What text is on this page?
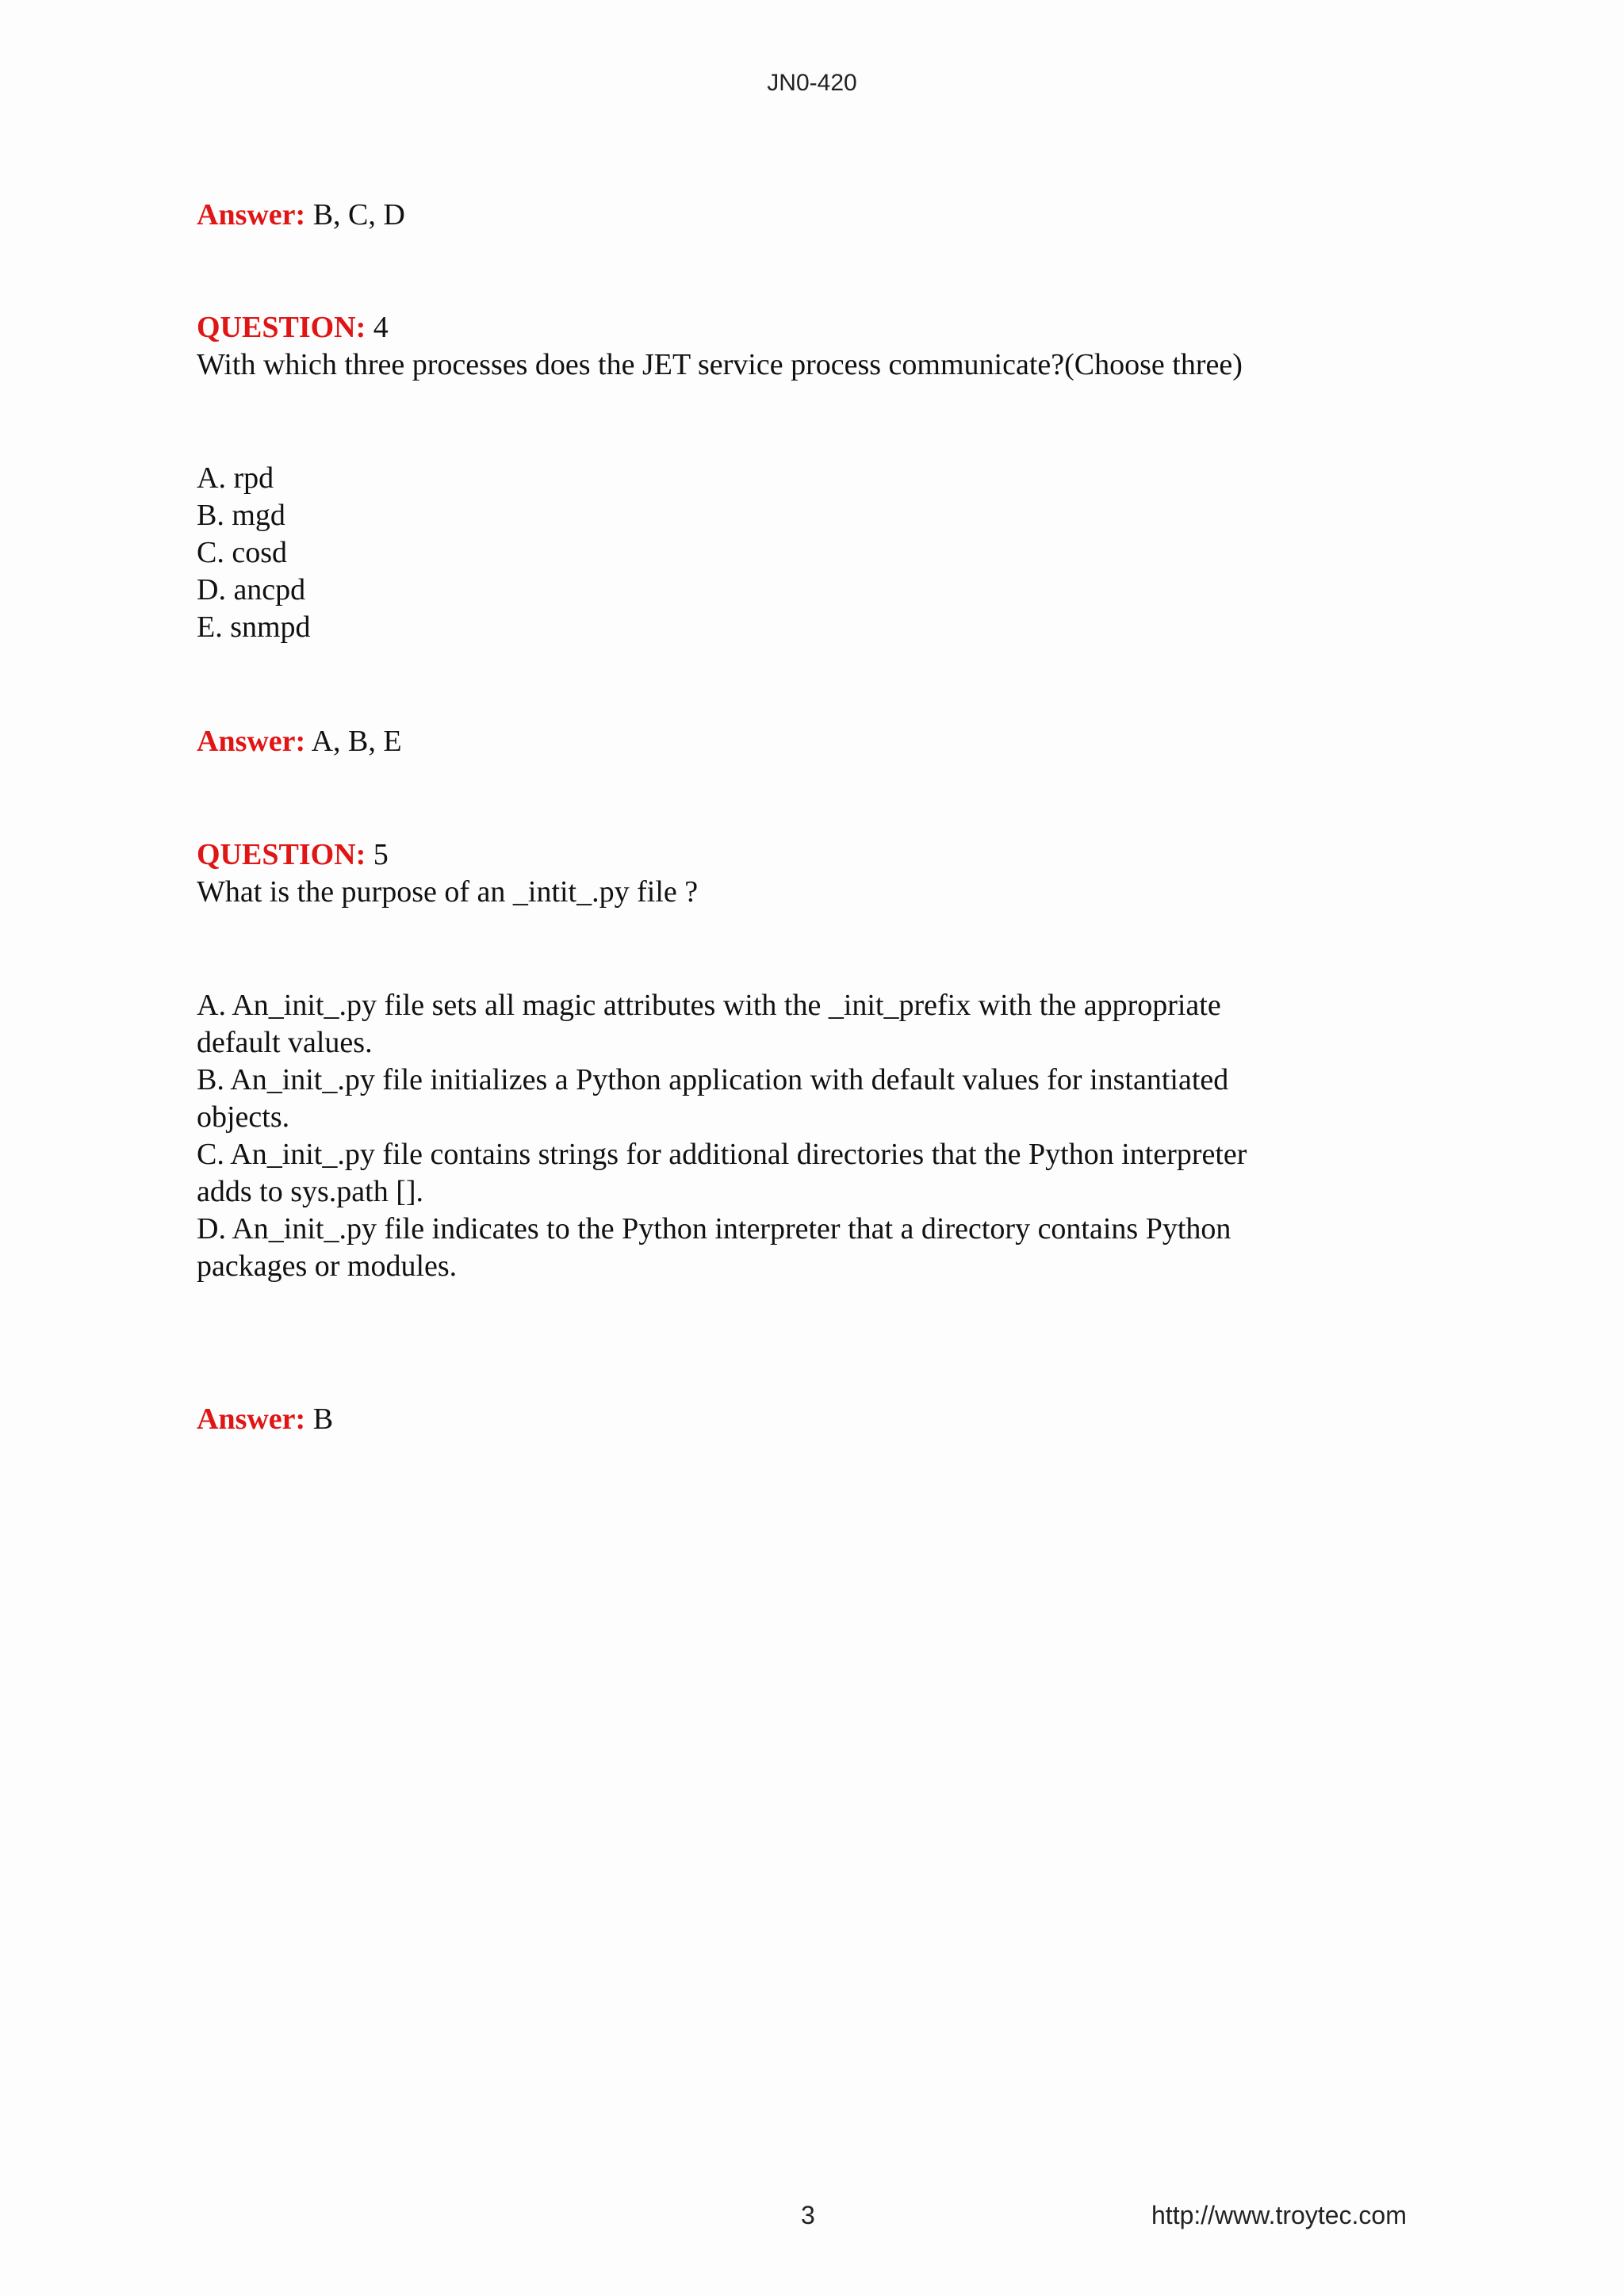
JN0-420
Answer: B, C, D
QUESTION: 4
With which three processes does the JET service process communicate?(Choose three)
A. rpd
B. mgd
C. cosd
D. ancpd
E. snmpd
Answer: A, B, E
QUESTION: 5
What is the purpose of an _intit_.py file ?
A. An_init_.py file sets all magic attributes with the _init_prefix with the appropriate
default values.
B. An_init_.py file initializes a Python application with default values for instantiated
objects.
C. An_init_.py file contains strings for additional directories that the Python interpreter
adds to sys.path [].
D. An_init_.py file indicates to the Python interpreter that a directory contains Python
packages or modules.
Answer: B
3	http://www.troytec.com
